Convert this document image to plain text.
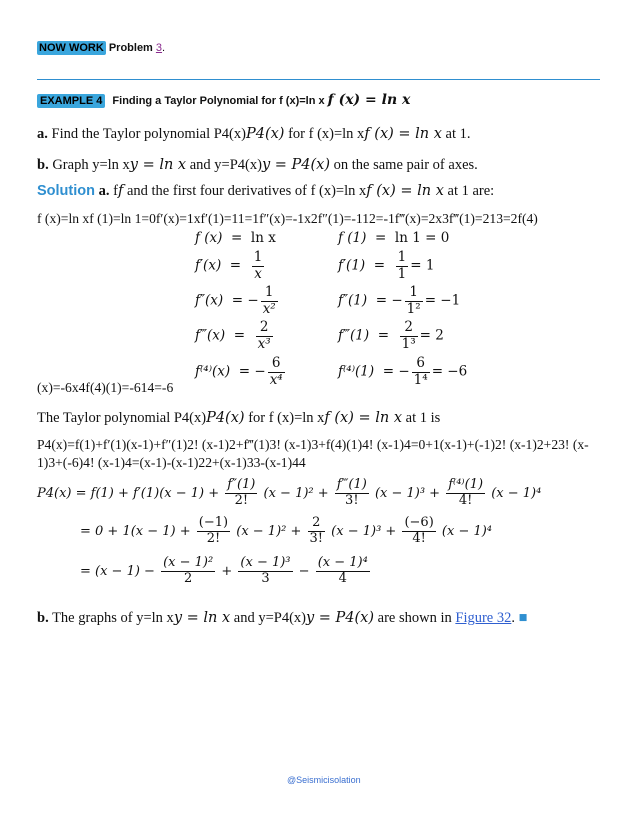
NOW WORK Problem 3.
EXAMPLE 4 Finding a Taylor Polynomial for f (x)=ln x f (x) = ln x
a. Find the Taylor polynomial P4(x)P4(x) for f (x)=ln xf (x) = ln x at 1.
b. Graph y=ln xy = ln x and y=P4(x)y = P4(x) on the same pair of axes.
Solution a. ff and the first four derivatives of f (x)=ln xf (x) = ln x at 1 are:
f (x)=ln xf (1)=ln 1=0f′(x)=1xf′(1)=11=1f″(x)=-1x2f″(1)=-112=-1f‴(x)=2x3f‴(1)=213=2f(4)
f (x)  =  ln x	f (1)  =  ln 1 = 0
$f'(x) = \frac{1}{x}$	$f'(1) = \frac{1}{1} = 1$
f″(x)  = − $\frac{1}{\text{x²}}$	f″(1)  = − $\frac{1}{\text{1²}} = -1$
f‴(x)  = $\frac{2}{\text{x³}}$	f‴(1)  = $\frac{2}{\text{1³}} = 2$
f⁽⁴⁾(x)  = − $\frac{6}{\text{x⁴}}$	f⁽⁴⁾(1)  = − $\frac{6}{\text{1⁴}} = -6$
(x)=-6x4f(4)(1)=-614=-6
The Taylor polynomial P4(x)P4(x) for f (x)=ln xf (x) = ln x at 1 is
P4(x)=f(1)+f′(1)(x-1)+f″(1)2! (x-1)2+f‴(1)3! (x-1)3+f(4)(1)4! (x-1)4=0+1(x-1)+(-1)2! (x-1)2+23! (x-1)3+(-6)4! (x-1)4=(x-1)-(x-1)22+(x-1)33-(x-1)44
$P4(x) = f(1) + f'(1)(x - 1) + \frac{f''(1)}{2!} (x - 1)^2 + \frac{f‴(1)}{3!} (x - 1)^3 + \frac{\text{f⁽⁴⁾(1)}}{4!} (x - 1)^4$
= $0 + 1(x - 1) + \frac{(-1)}{2!} (x - 1)^2 + \frac{2}{3!} (x - 1)^3 + \frac{(-6)}{4!} (x - 1)^4$
= $(x - 1) - \frac{\text{(x − 1)²}}{2} + \frac{\text{(x − 1)³}}{3} - \frac{\text{(x − 1)⁴}}{4}$
b. The graphs of y=ln xy = ln x and y=P4(x)y = P4(x) are shown in Figure 32. ■
@Seismicisolation
